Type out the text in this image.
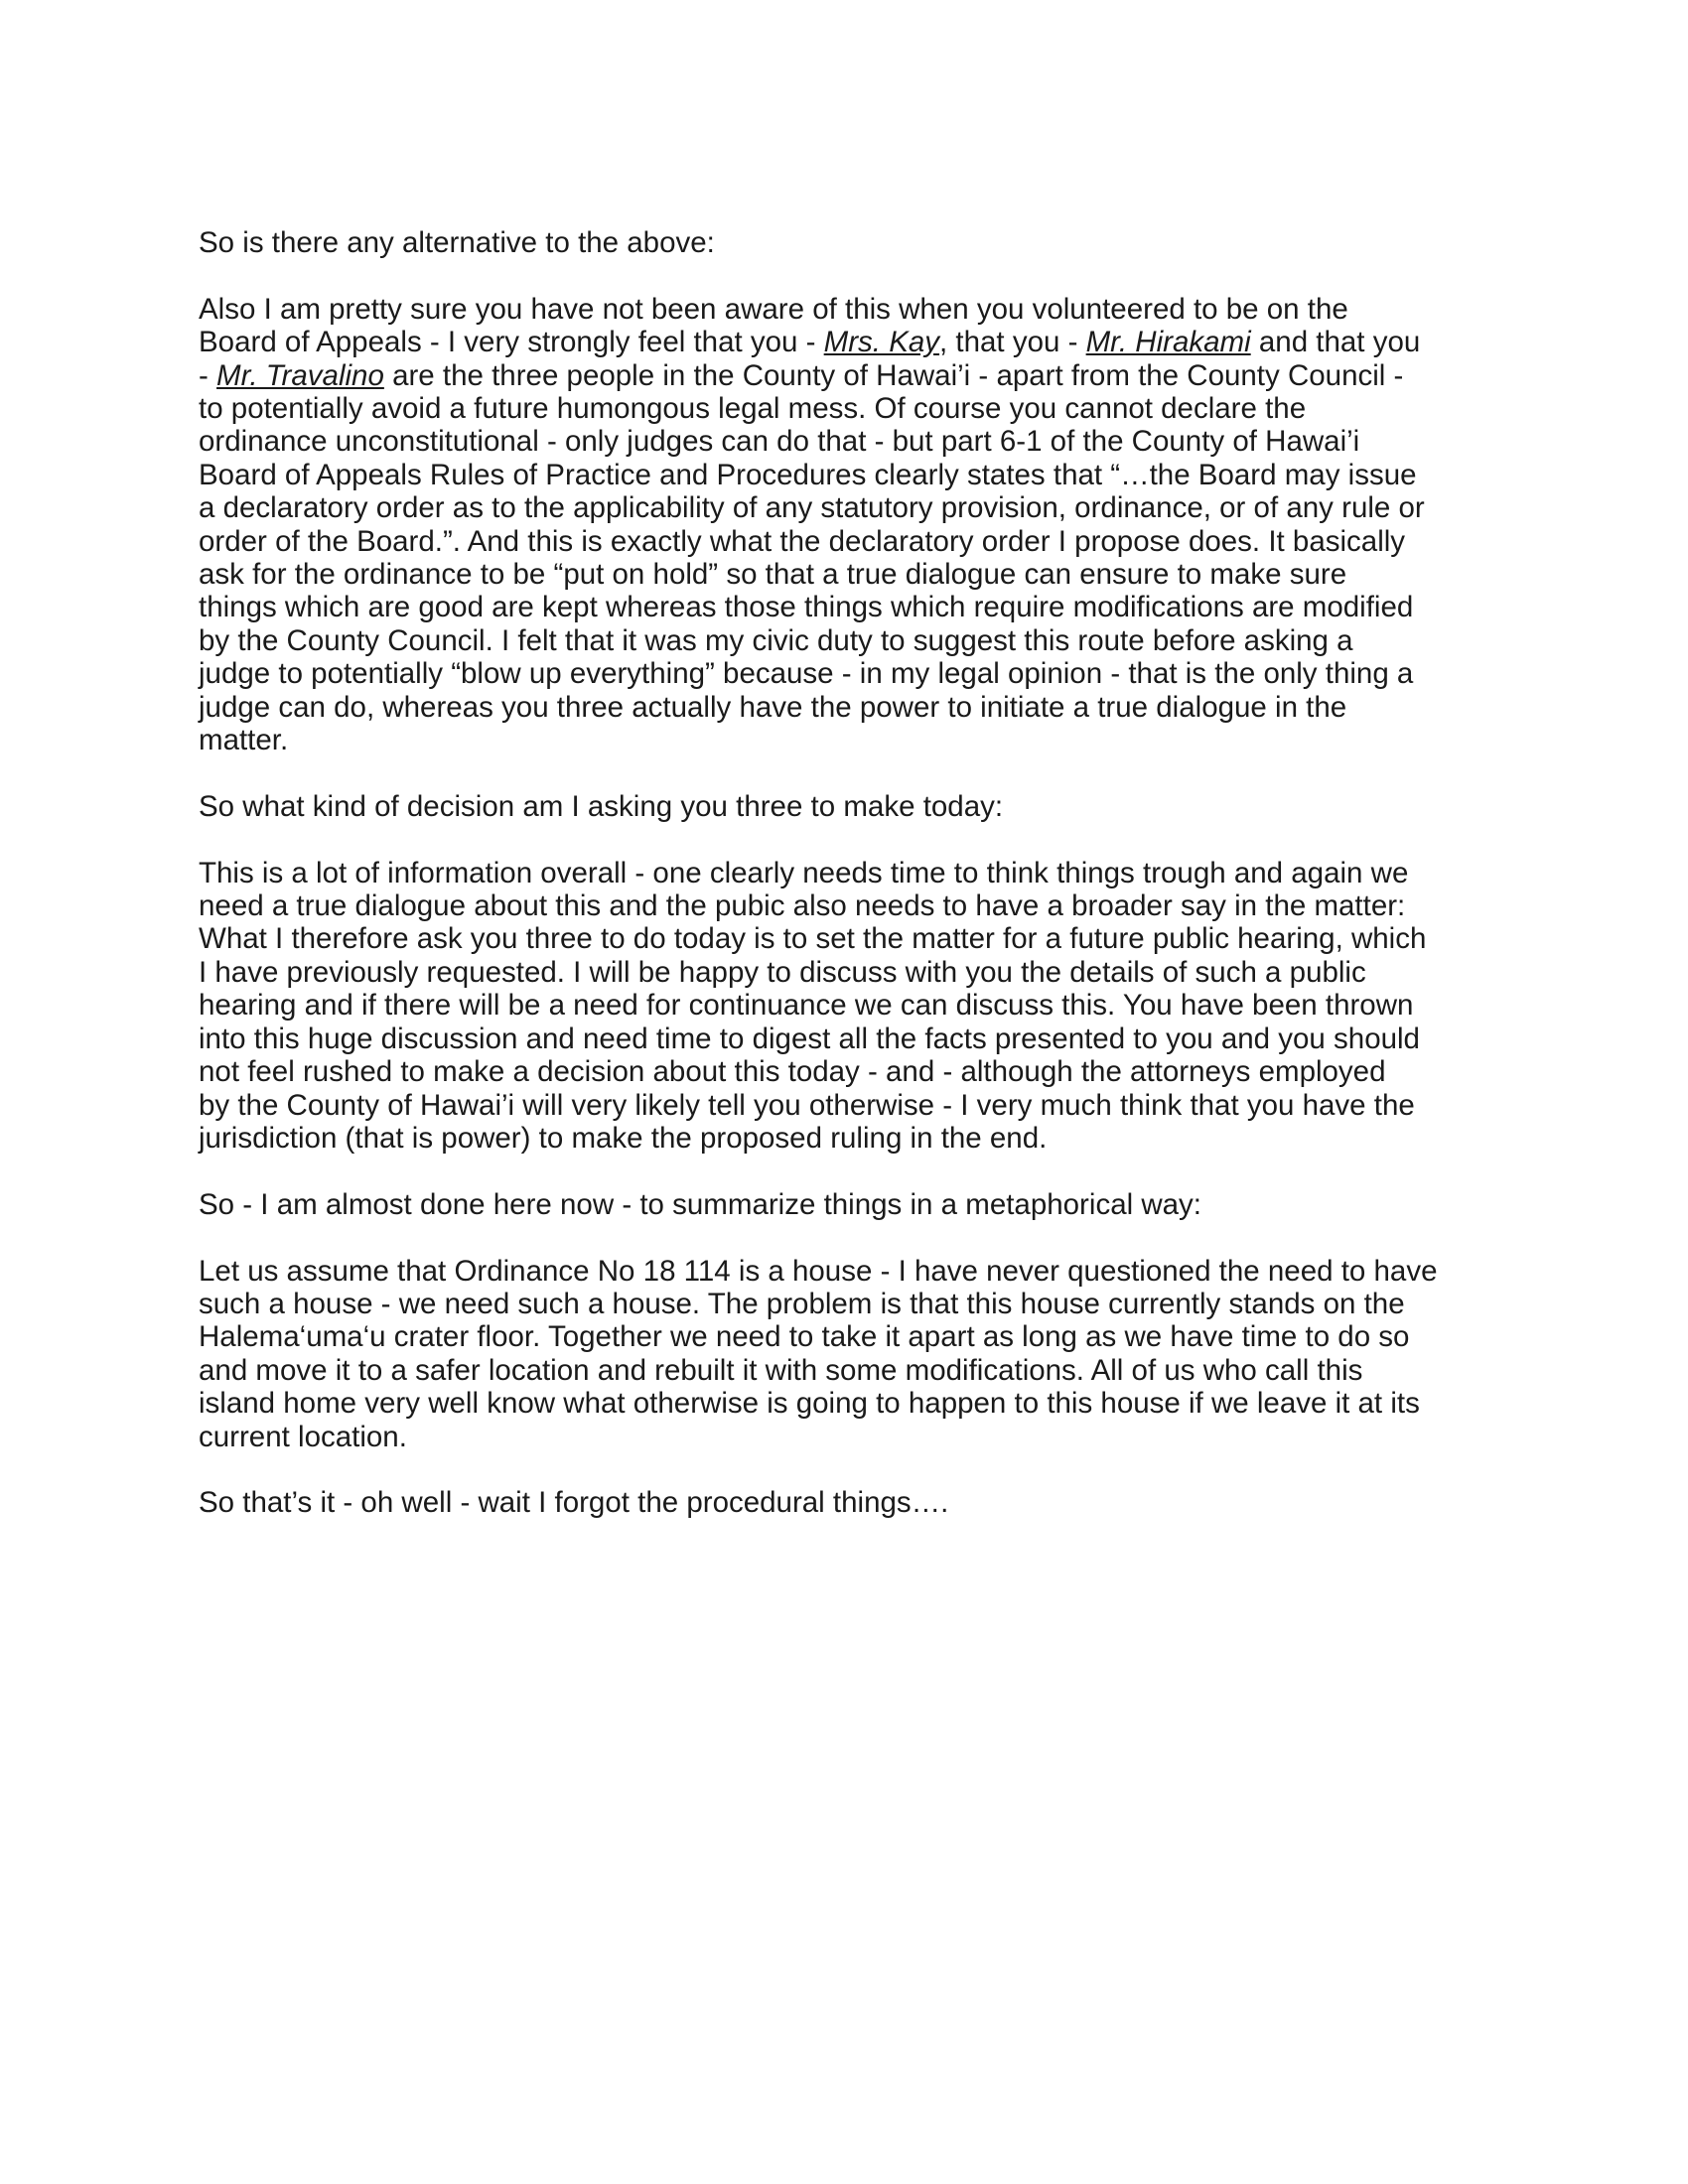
So is there any alternative to the above:

Also I am pretty sure you have not been aware of this when you volunteered to be on the
Board of Appeals - I very strongly feel that you - Mrs. Kay, that you - Mr. Hirakami and that you
- Mr. Travalino are the three people in the County of Hawai’i - apart from the County Council -
to potentially avoid a future humongous legal mess. Of course you cannot declare the
ordinance unconstitutional - only judges can do that - but part 6-1 of the County of Hawai’i
Board of Appeals Rules of Practice and Procedures clearly states that “…the Board may issue
a declaratory order as to the applicability of any statutory provision, ordinance, or of any rule or
order of the Board.”. And this is exactly what the declaratory order I propose does. It basically
ask for the ordinance to be “put on hold” so that a true dialogue can ensure to make sure
things which are good are kept whereas those things which require modifications are modified
by the County Council. I felt that it was my civic duty to suggest this route before asking a
judge to potentially “blow up everything” because - in my legal opinion - that is the only thing a
judge can do, whereas you three actually have the power to initiate a true dialogue in the
matter.

So what kind of decision am I asking you three to make today:

This is a lot of information overall - one clearly needs time to think things trough and again we
need a true dialogue about this and the pubic also needs to have a broader say in the matter:
What I therefore ask you three to do today is to set the matter for a future public hearing, which
I have previously requested. I will be happy to discuss with you the details of such a public
hearing and if there will be a need for continuance we can discuss this. You have been thrown
into this huge discussion and need time to digest all the facts presented to you and you should
not feel rushed to make a decision about this today - and - although the attorneys employed
by the County of Hawai’i will very likely tell you otherwise - I very much think that you have the
jurisdiction (that is power) to make the proposed ruling in the end.

So - I am almost done here now - to summarize things in a metaphorical way:

Let us assume that Ordinance No 18 114 is a house - I have never questioned the need to have
such a house - we need such a house. The problem is that this house currently stands on the
Halema‘uma‘u crater floor. Together we need to take it apart as long as we have time to do so
and move it to a safer location and rebuilt it with some modifications. All of us who call this
island home very well know what otherwise is going to happen to this house if we leave it at its
current location.

So that’s it - oh well - wait I forgot the procedural things….
